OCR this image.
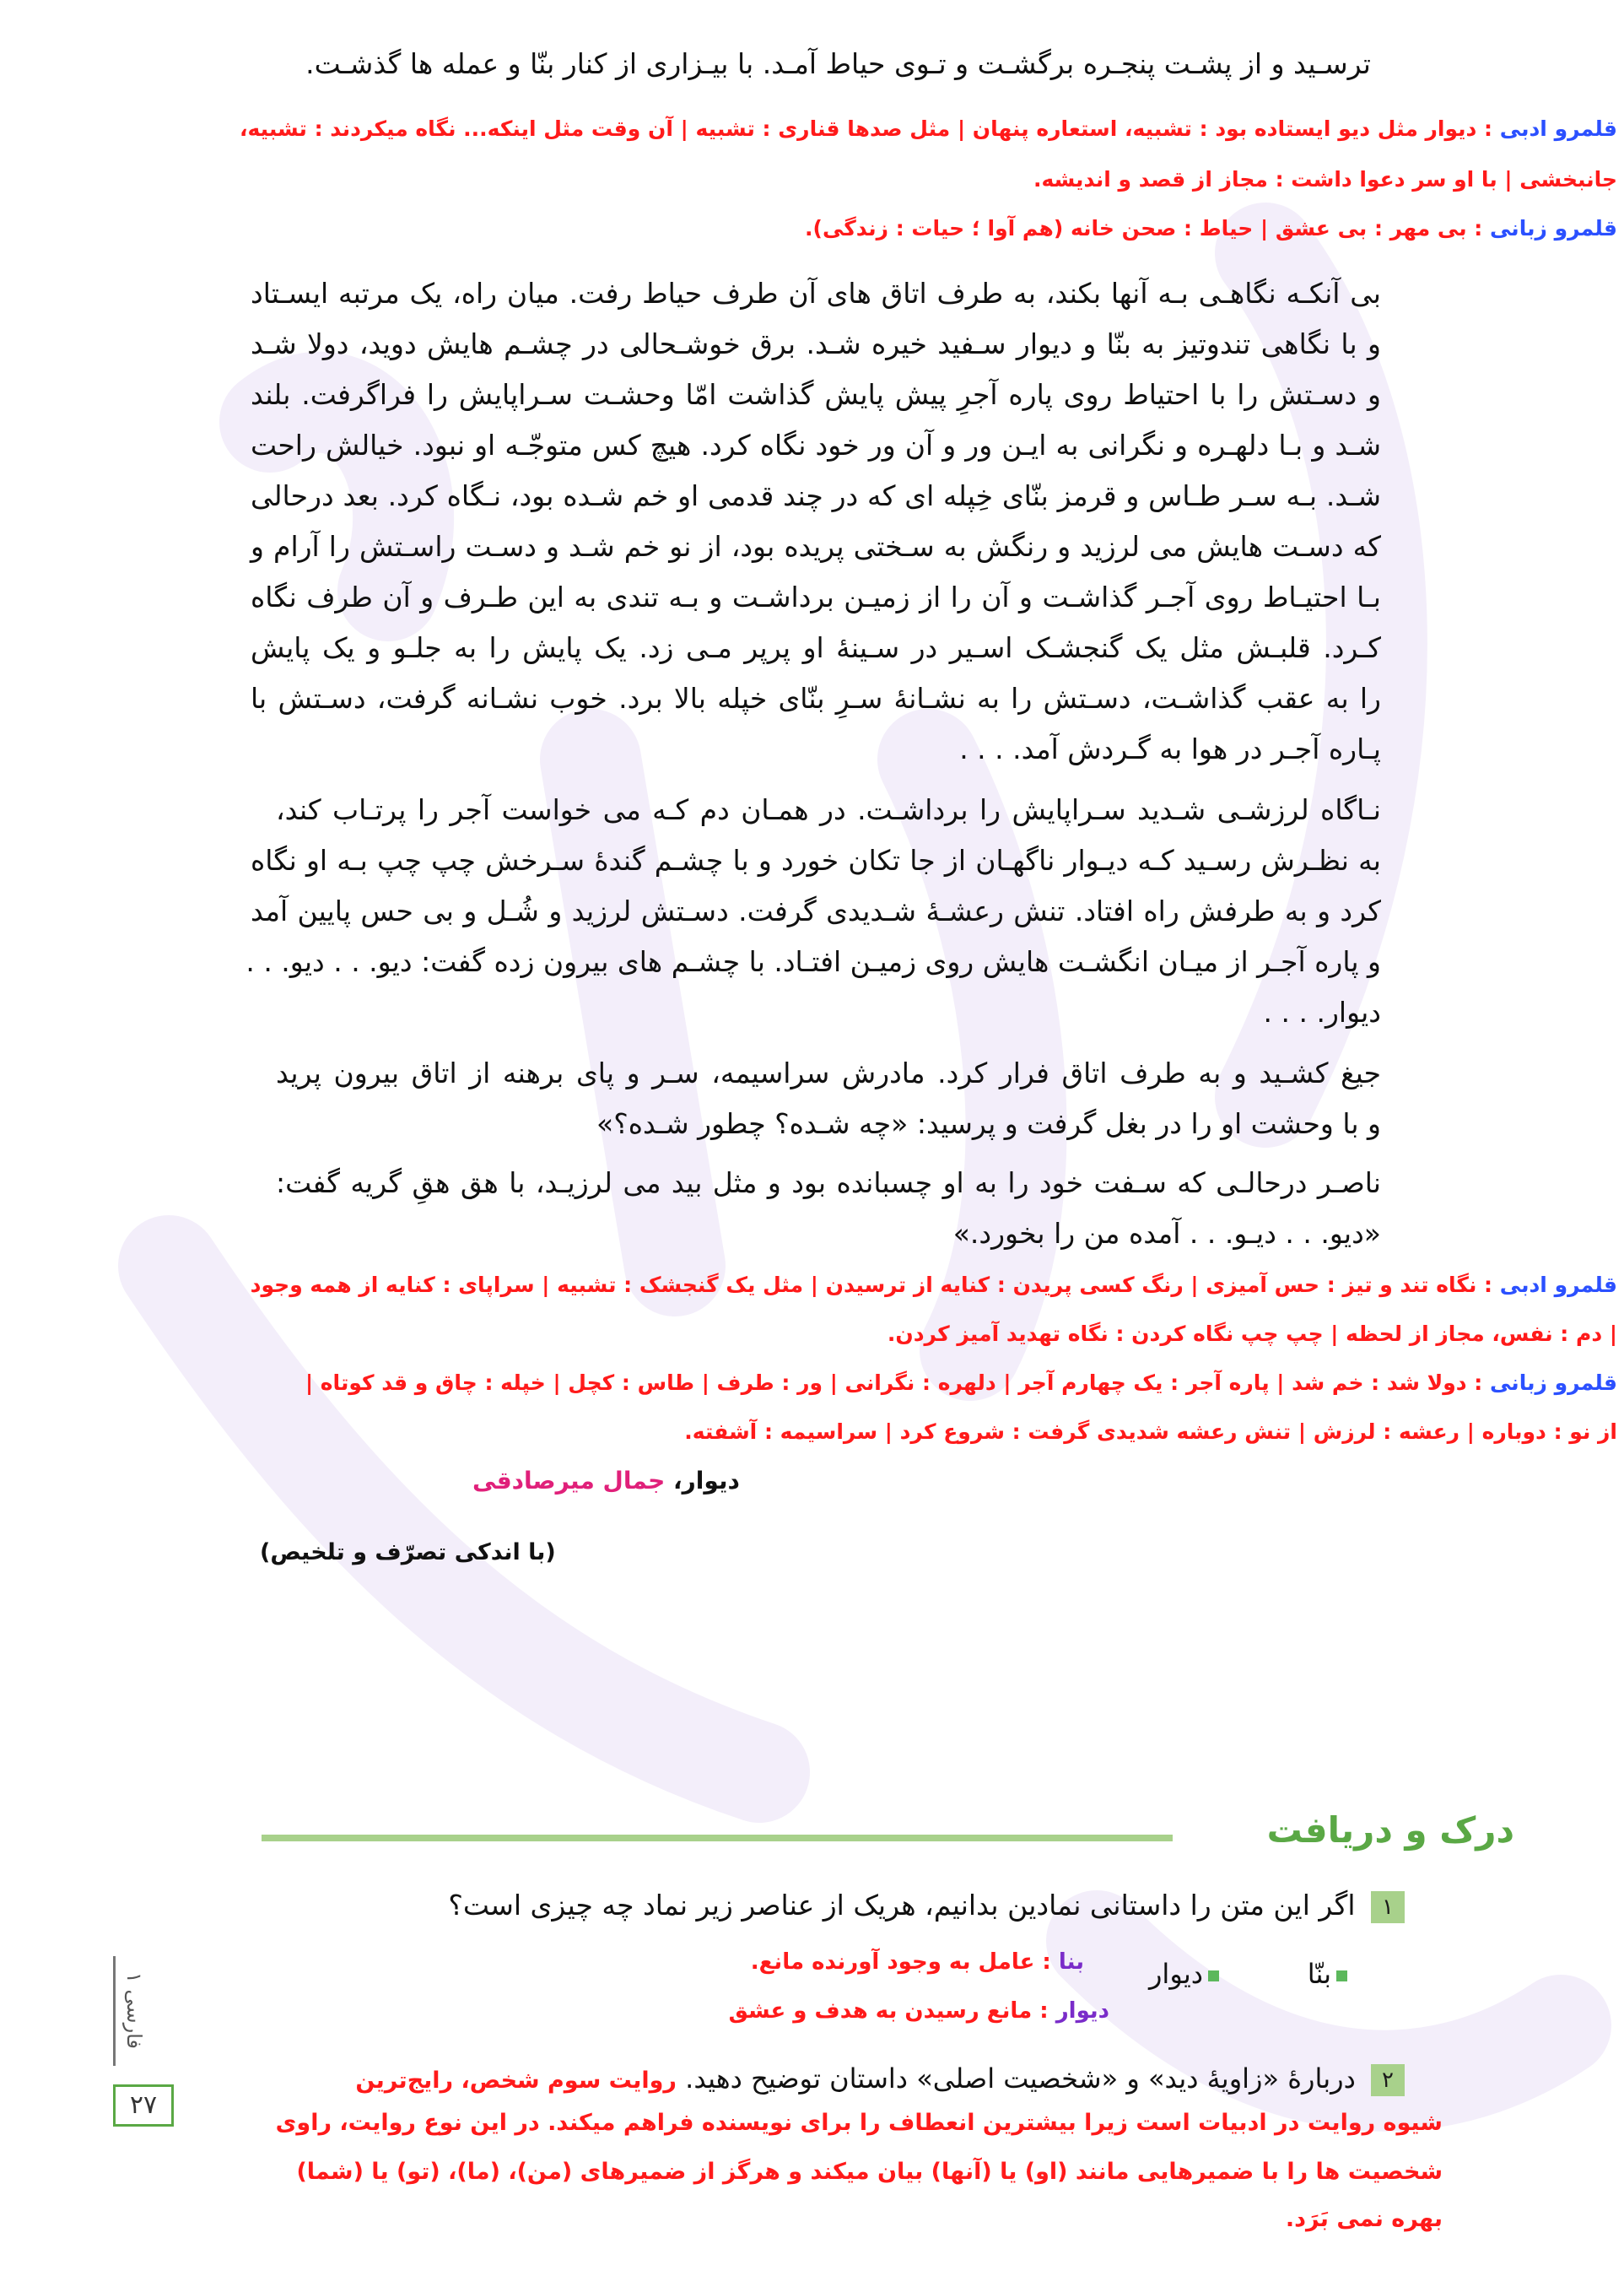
ترسـید و از پشـت پنجـره برگشـت و تـوی حیاط آمـد. با بیـزاری از کنار بنّا و عمله ها گذشـت.
قلمرو ادبی : دیوار مثل دیو ایستاده بود : تشبیه، استعاره پنهان | مثل صدها قناری : تشبیه | آن وقت مثل اینکه... نگاه میکردند : تشبیه،
جانبخشی | با او سر دعوا داشت : مجاز از قصد و اندیشه.
قلمرو زبانی : بی مهر : بی عشق | حیاط : صحن خانه (هم آوا ؛ حیات : زندگی).
بی آنکـه نگاهـی بـه آنها بکند، به طرف اتاق های آن طرف حیاط رفت. میان راه، یک مرتبه ایسـتاد
و با نگاهی تندوتیز به بنّا و دیوار سـفید خیره شـد. برق خوشـحالی در چشـم هایش دوید، دولا شـد
و دسـتش را با احتیاط روی پاره آجرِ پیش پایش گذاشت امّا وحشـت سـراپایش را فراگرفت. بلند
شـد و بـا دلهـره و نگرانی به ایـن ور و آن ور خود نگاه کرد. هیچ کس متوجّـه او نبود. خیالش راحت
شـد. بـه سـر طـاس و قرمز بنّای خِپله ای که در چند قدمی او خم شـده بود، نـگاه کرد. بعد درحالی
که دسـت هایش می لرزید و رنگش به سـختی پریده بود، از نو خم شـد و دسـت راسـتش را آرام و
بـا احتیـاط روی آجـر گذاشـت و آن را از زمیـن برداشـت و بـه تندی به این طـرف و آن طرف نگاه
کـرد. قلبـش مثل یک گنجشـک اسـیر در سـینهٔ او پرپر مـی زد. یک پایش را به جلـو و یک پایش
را به عقب گذاشـت، دسـتش را به نشـانهٔ سـرِ بنّای خپله بالا برد. خوب نشـانه گرفت، دسـتش با
پـاره آجـر در هوا به گـردش آمد. . . .
نـاگاه لرزشـی شـدید سـراپایش را برداشـت. در همـان دم کـه می خواست آجر را پرتـاب کند،
به نظـرش رسـید کـه دیـوار ناگهـان از جا تکان خورد و با چشـم گندهٔ سـرخش چپ چپ بـه او نگاه
کرد و به طرفش راه افتاد. تنش رعشـهٔ شـدیدی گرفت. دسـتش لرزید و شُـل و بی حس پایین آمد
و پاره آجـر از میـان انگشـت هایش روی زمیـن افتـاد. با چشـم های بیرون زده گفت: دیو. . . دیو. . .
دیوار. . . .
جیغ کشـید و به طرف اتاق فرار کرد. مادرش سراسیمه، سـر و پای برهنه از اتاق بیرون پرید
و با وحشت او را در بغل گرفت و پرسید: «چه شـده؟ چطور شـده؟»
ناصـر درحالـی که سـفت خود را به او چسبانده بود و مثل بید می لرزیـد، با هق هقِ گریه گفت:
«دیو. . . دیـو. . . آمده من را بخورد.»
قلمرو ادبی : نگاه تند و تیز : حس آمیزی | رنگ کسی پریدن : کنایه از ترسیدن | مثل یک گنجشک : تشبیه | سراپای : کنایه از همه وجود
| دم : نفس، مجاز از لحظه | چپ چپ نگاه کردن : نگاه تهدید آمیز کردن.
قلمرو زبانی : دولا شد : خم شد | پاره آجر : یک چهارم آجر | دلهره : نگرانی | ور : طرف | طاس : کچل | خپله : چاق و قد کوتاه |
از نو : دوباره | رعشه : لرزش | تنش رعشه شدیدی گرفت : شروع کرد | سراسیمه : آشفته.
دیوار، جمال میرصادقی
(با اندکی تصرّف و تلخیص)
درک و دریافت
۱ اگر این متن را داستانی نمادین بدانیم، هریک از عناصر زیر نماد چه چیزی است؟
بنّا
دیوار
بنا : عامل به وجود آورنده مانع.
دیوار : مانع رسیدن به هدف و عشق
۲ دربارهٔ «زاویهٔ دید» و «شخصیت اصلی» داستان توضیح دهید. روایت سوم شخص، رایج‌ترین
شیوه روایت در ادبیات است زیرا بیشترین انعطاف را برای نویسنده فراهم میکند. در این نوع روایت، راوی
شخصیت ها را با ضمیرهایی مانند (او) یا (آنها) بیان میکند و هرگز از ضمیرهای (من)، (ما)، (تو) یا (شما)
بهره نمی بَرَد.
فارسی ۱
۲۷
